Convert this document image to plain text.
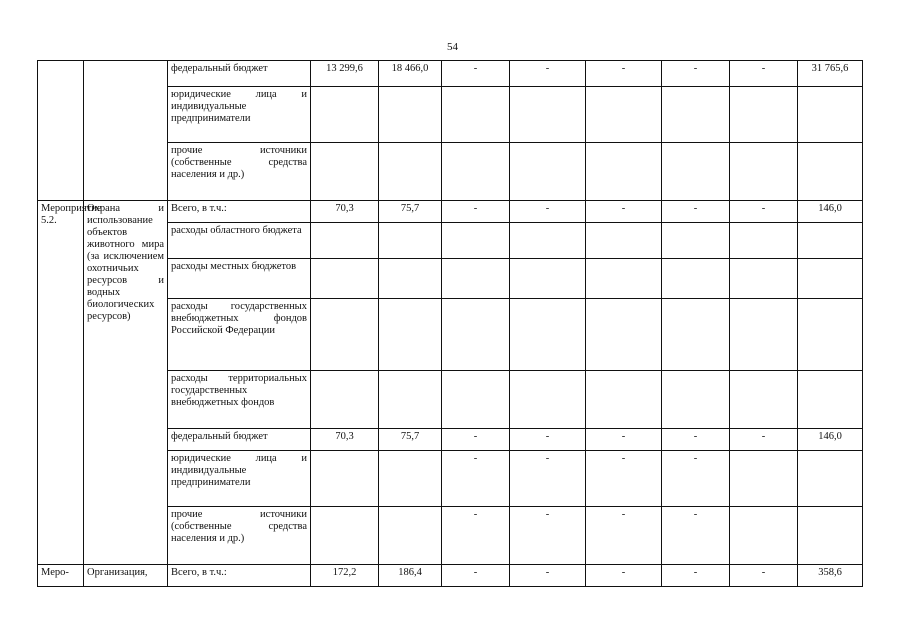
54
		федеральный бюджет	13 299,6	18 466,0	-	-	-	-	-	31 765,6
		юридические лица и индивидуальные предприниматели								
		прочие источники (собственные средства населения и др.)								
Мероприятие 5.2.	Охрана и использование объектов животного мира (за исключением охотничьих ресурсов и водных биологических ресурсов)	Всего, в т.ч.:	70,3	75,7	-	-	-	-	-	146,0
		расходы областного бюджета								
		расходы местных бюджетов								
		расходы государственных внебюджетных фондов Российской Федерации								
		расходы территориальных государственных внебюджетных фондов								
		федеральный бюджет	70,3	75,7	-	-	-	-	-	146,0
		юридические лица и индивидуальные предприниматели			-	-	-	-		
		прочие источники (собственные средства населения и др.)			-	-	-	-		
Меро-	Организация,	Всего, в т.ч.:	172,2	186,4	-	-	-	-	-	358,6
